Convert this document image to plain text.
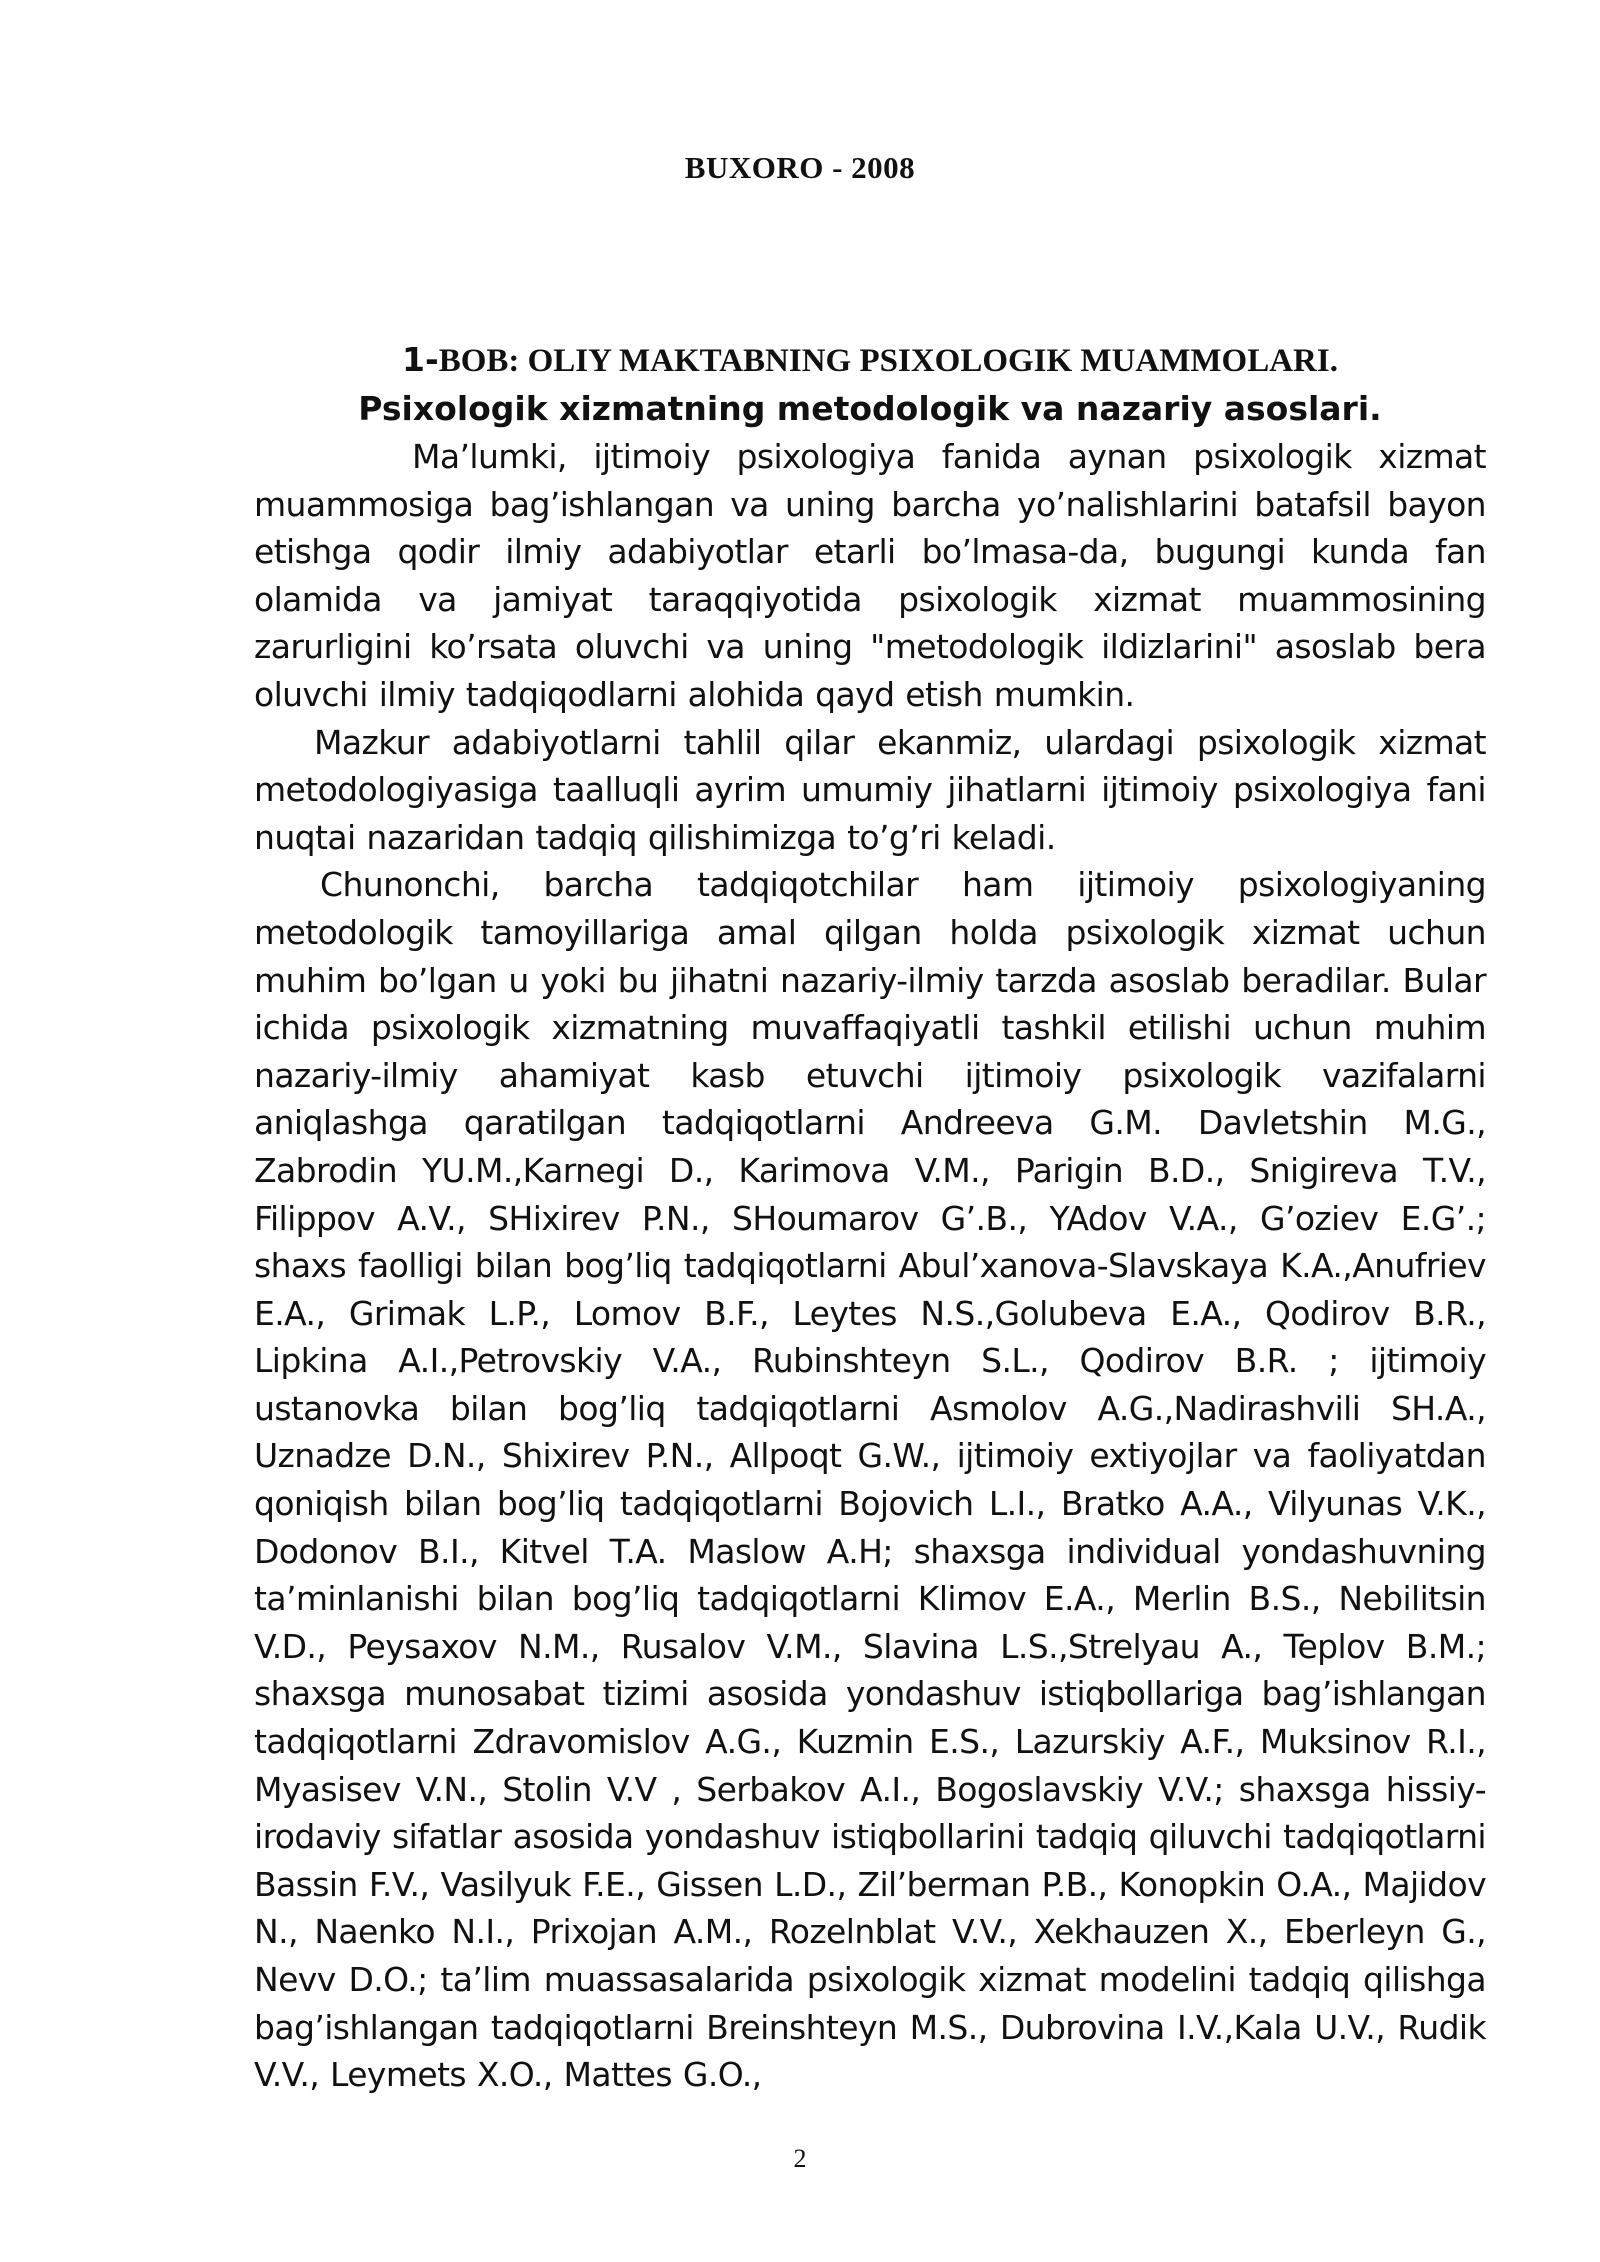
BUXORO - 2008
1-BOB: OLIY MAKTABNING PSIXOLOGIK MUAMMOLARI.
Psixologik xizmatning metodologik va nazariy asoslari.

Ma’lumki, ijtimoiy psixologiya fanida aynan psixologik xizmat muammosiga bag’ishlangan va uning barcha yo’nalishlarini batafsil bayon etishga qodir ilmiy adabiyotlar etarli bo’lmasa-da, bugungi kunda fan olamida va jamiyat taraqqiyotida psixologik xizmat muammosining zarurligini ko’rsata oluvchi va uning "metodologik ildizlarini" asoslab bera oluvchi ilmiy tadqiqodlarni alohida qayd etish mumkin.

Mazkur adabiyotlarni tahlil qilar ekanmiz, ulardagi psixologik xizmat metodologiyasiga taalluqli ayrim umumiy jihatlarni ijtimoiy psixologiya fani nuqtai nazaridan tadqiq qilishimizga to’g’ri keladi.

Chunonchi, barcha tadqiqotchilar ham ijtimoiy psixologiyaning metodologik tamoyillariga amal qilgan holda psixologik xizmat uchun muhim bo’lgan u yoki bu jihatni nazariy-ilmiy tarzda asoslab beradilar. Bular ichida psixologik xizmatning muvaffaqiyatli tashkil etilishi uchun muhim nazariy-ilmiy ahamiyat kasb etuvchi ijtimoiy psixologik vazifalarni aniqlashga qaratilgan tadqiqotlarni Andreeva G.M. Davletshin M.G., Zabrodin YU.M.,Karnegi D., Karimova V.M., Parigin B.D., Snigireva T.V., Filippov A.V., SHixirev P.N., SHoumarov G’.B., YAdov V.A., G’oziev E.G’.; shaxs faolligi bilan bog’liq tadqiqotlarni Abul’xanova-Slavskaya K.A.,Anufriev E.A., Grimak L.P., Lomov B.F., Leytes N.S.,Golubeva E.A., Qodirov B.R., Lipkina A.I.,Petrovskiy V.A., Rubinshteyn S.L., Qodirov B.R. ; ijtimoiy ustanovka bilan bog’liq tadqiqotlarni Asmolov A.G.,Nadirashvili SH.A., Uznadze D.N., Shixirev P.N., Allpoqt G.W., ijtimoiy extiyojlar va faoliyatdan qoniqish bilan bog’liq tadqiqotlarni Bojovich L.I., Bratko A.A., Vilyunas V.K., Dodonov B.I., Kitvel T.A. Maslow A.H; shaxsga individual yondashuvning ta’minlanishi bilan bog’liq tadqiqotlarni Klimov E.A., Merlin B.S., Nebilitsin V.D., Peysaxov N.M., Rusalov V.M., Slavina L.S.,Strelyau A., Teplov B.M.; shaxsga munosabat tizimi asosida yondashuv istiqbollariga bag’ishlangan tadqiqotlarni Zdravomislov A.G., Kuzmin E.S., Lazurskiy A.F., Muksinov R.I., Myasisev V.N., Stolin V.V , Serbakov A.I., Bogoslavskiy V.V.; shaxsga hissiy-irodaviy sifatlar asosida yondashuv istiqbollarini tadqiq qiluvchi tadqiqotlarni Bassin F.V., Vasilyuk F.E., Gissen L.D., Zil’berman P.B., Konopkin O.A., Majidov N., Naenko N.I., Prixojan A.M., Rozelnblat V.V., Xekhauzen X., Eberleyn G., Nevv D.O.; ta’lim muassasalarida psixologik xizmat modelini tadqiq qilishga bag’ishlangan tadqiqotlarni Breinshteyn M.S., Dubrovina I.V.,Kala U.V., Rudik V.V., Leymets X.O., Mattes G.O.,

2
